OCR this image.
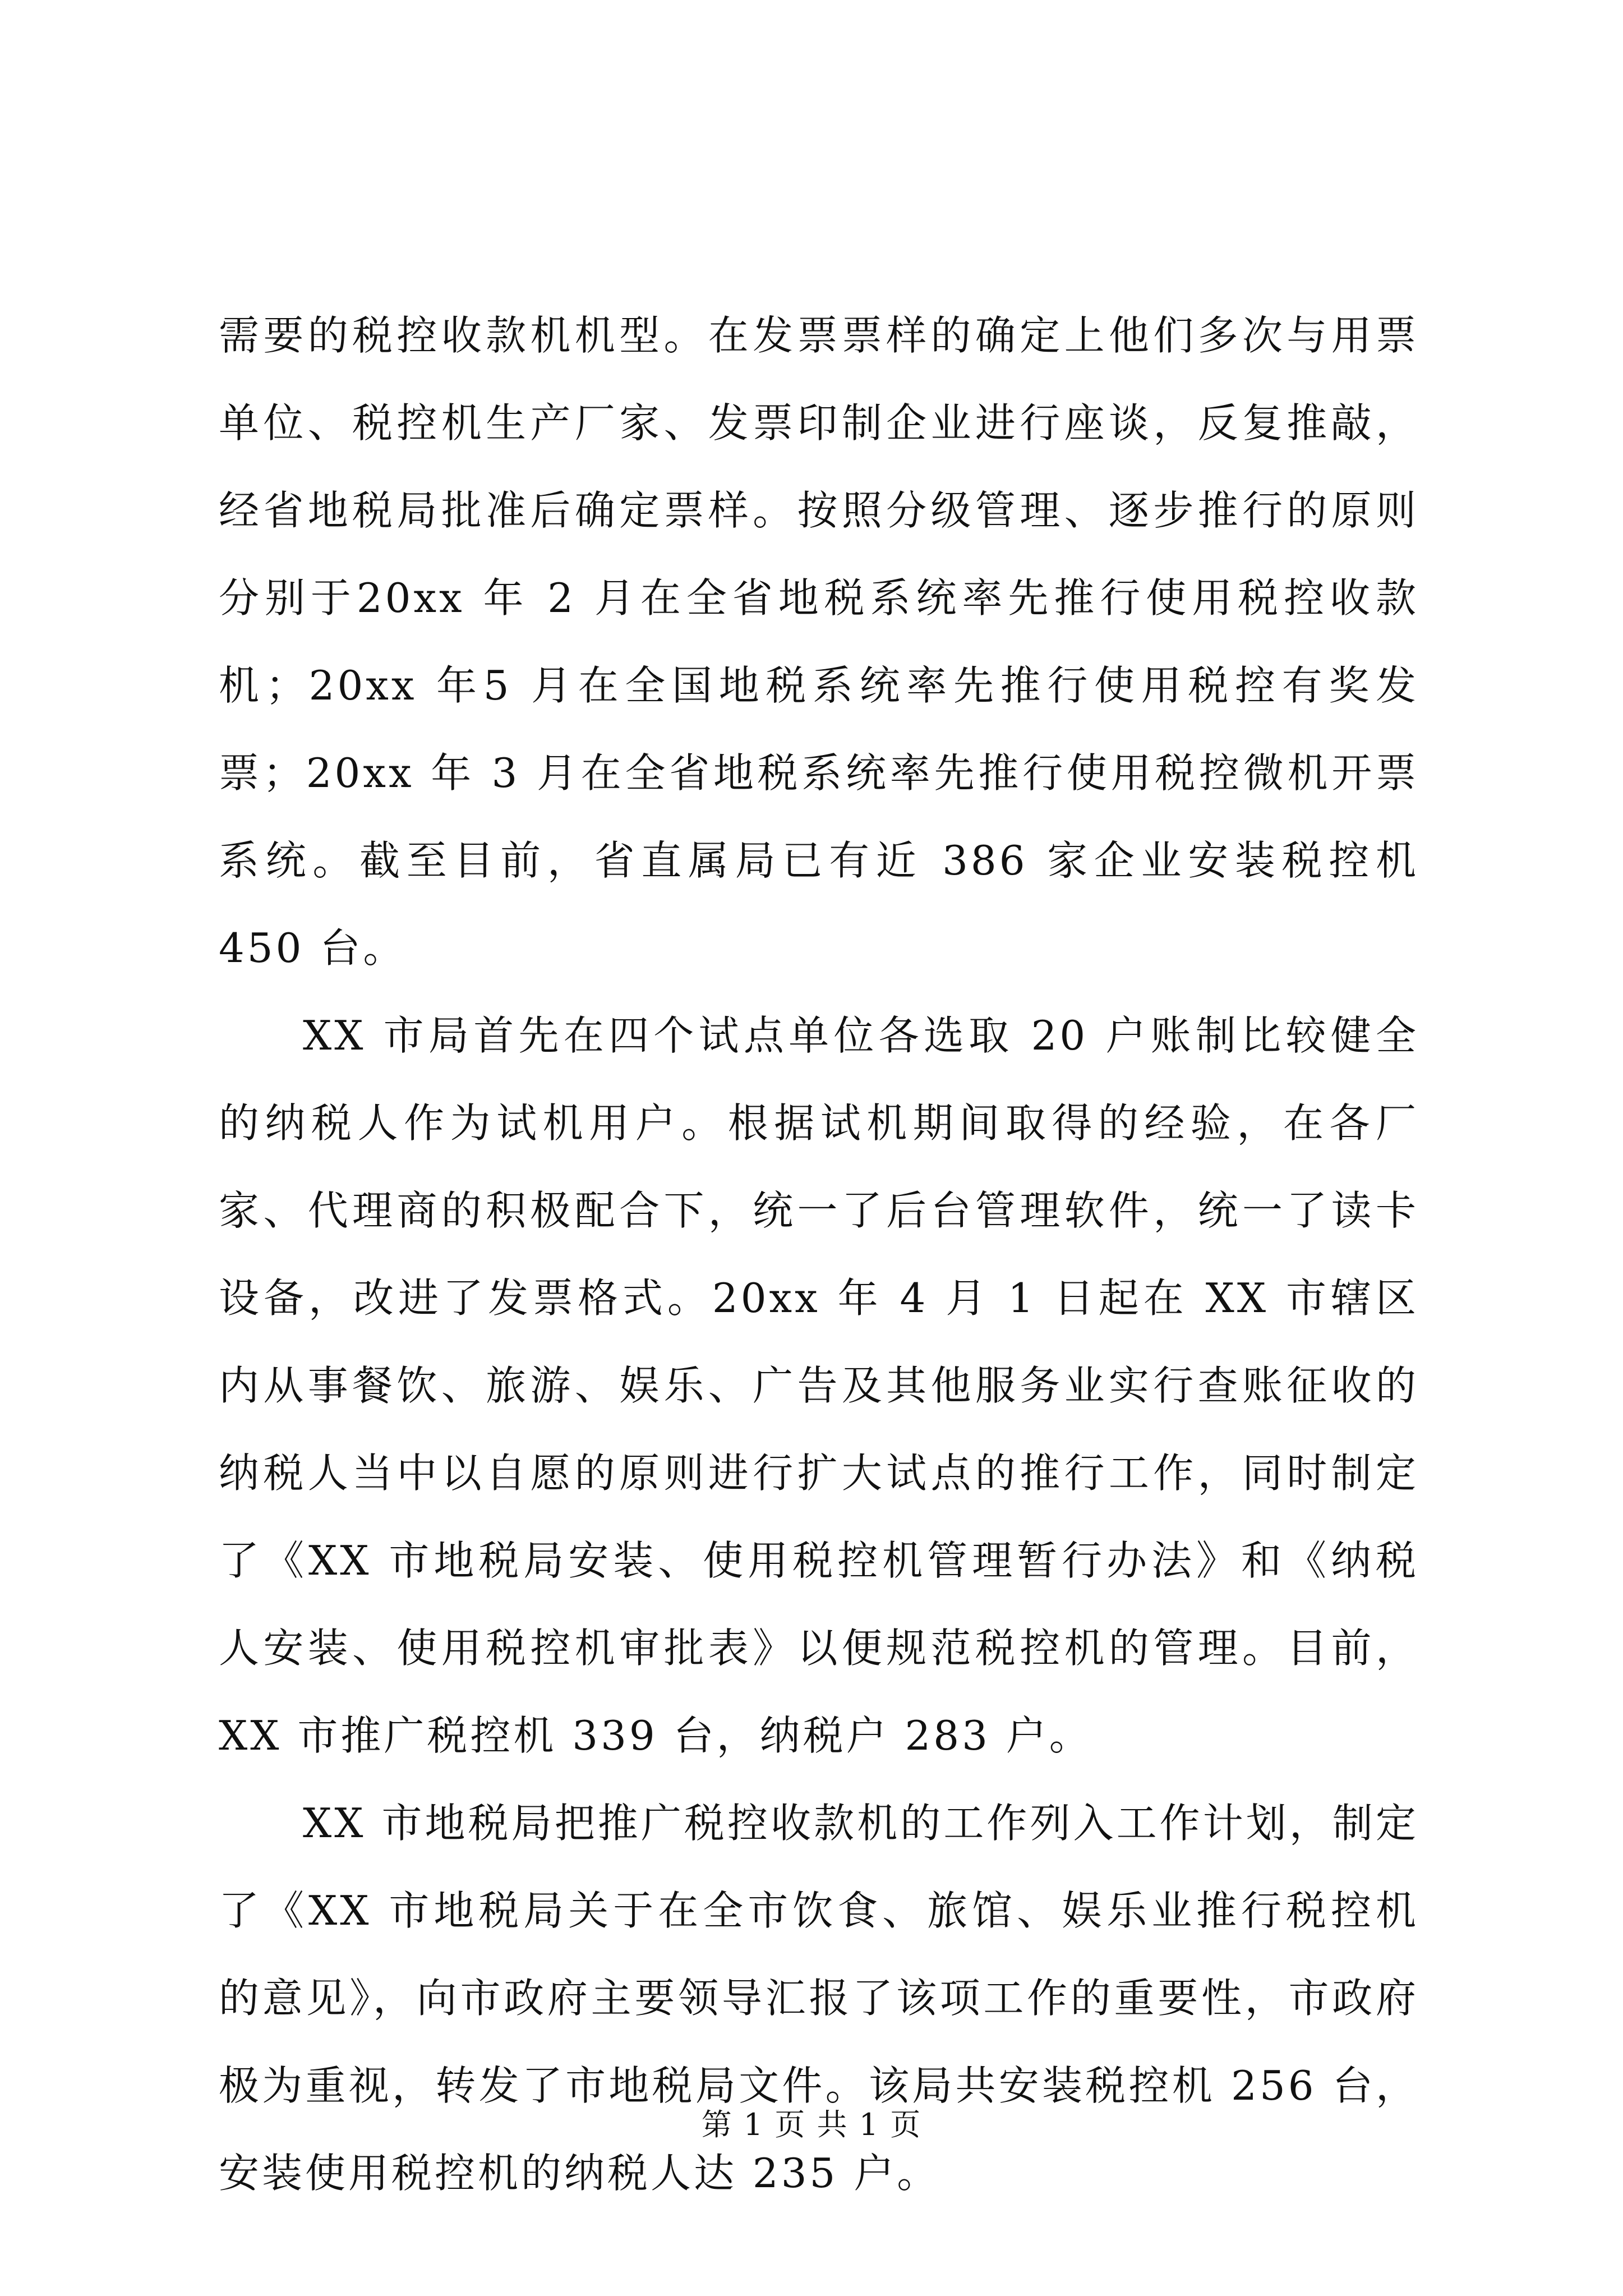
需要的税控收款机机型。在发票票样的确定上他们多次与用票单位、税控机生产厂家、发票印制企业进行座谈，反复推敲，经省地税局批准后确定票样。按照分级管理、逐步推行的原则分别于20xx 年 2 月在全省地税系统率先推行使用税控收款机；20xx 年5 月在全国地税系统率先推行使用税控有奖发票；20xx 年 3 月在全省地税系统率先推行使用税控微机开票系统。截至目前，省直属局已有近 386 家企业安装税控机 450 台。

XX 市局首先在四个试点单位各选取 20 户账制比较健全的纳税人作为试机用户。根据试机期间取得的经验，在各厂家、代理商的积极配合下，统一了后台管理软件，统一了读卡设备，改进了发票格式。20xx 年 4 月 1 日起在 XX 市辖区内从事餐饮、旅游、娱乐、广告及其他服务业实行查账征收的纳税人当中以自愿的原则进行扩大试点的推行工作，同时制定了《XX 市地税局安装、使用税控机管理暂行办法》和《纳税人安装、使用税控机审批表》以便规范税控机的管理。目前，XX 市推广税控机 339 台，纳税户 283 户。

XX 市地税局把推广税控收款机的工作列入工作计划，制定了《XX 市地税局关于在全市饮食、旅馆、娱乐业推行税控机的意见》，向市政府主要领导汇报了该项工作的重要性，市政府极为重视，转发了市地税局文件。该局共安装税控机 256 台，安装使用税控机的纳税人达 235 户。

第 1 页 共 1 页
